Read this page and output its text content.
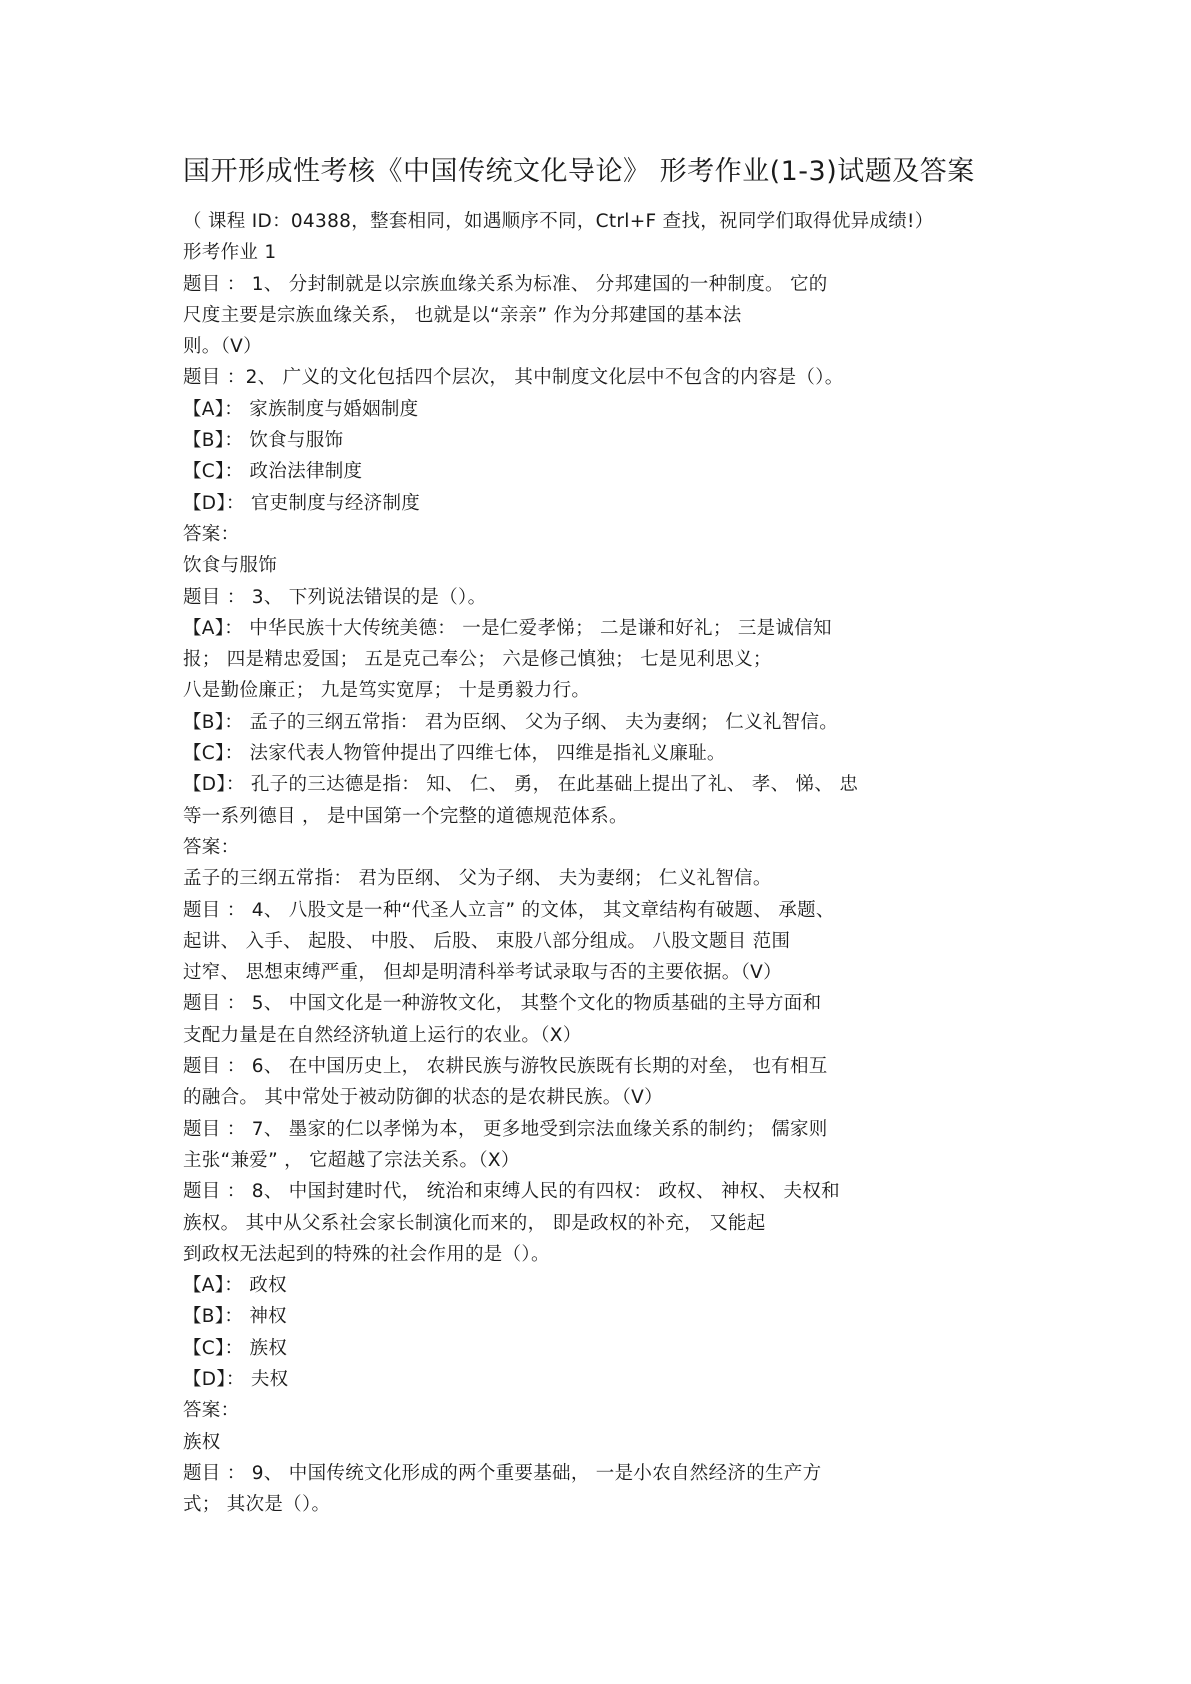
国开形成性考核《中国传统文化导论》 形考作业(1-3)试题及答案
（ 课程 ID：04388，整套相同，如遇顺序不同，Ctrl+F 查找，祝同学们取得优异成绩!）
形考作业 1
题目 ： 1、 分封制就是以宗族血缘关系为标准、 分邦建国的一种制度。 它的
尺度主要是宗族血缘关系， 也就是以“亲亲” 作为分邦建国的基本法
则。（V）
题目 ：2、 广义的文化包括四个层次， 其中制度文化层中不包含的内容是（）。
【A】： 家族制度与婚姻制度
【B】： 饮食与服饰
【C】： 政治法律制度
【D】： 官吏制度与经济制度
答案：
饮食与服饰
题目 ： 3、 下列说法错误的是（）。
【A】： 中华民族十大传统美德： 一是仁爱孝悌； 二是谦和好礼； 三是诚信知
报； 四是精忠爱国； 五是克己奉公； 六是修己慎独； 七是见利思义；
八是勤俭廉正； 九是笃实宽厚； 十是勇毅力行。
【B】： 孟子的三纲五常指： 君为臣纲、 父为子纲、 夫为妻纲； 仁义礼智信。
【C】： 法家代表人物管仲提出了四维七体， 四维是指礼义廉耻。
【D】： 孔子的三达德是指： 知、 仁、 勇， 在此基础上提出了礼、 孝、 悌、 忠
等一系列德目 ， 是中国第一个完整的道德规范体系。
答案：
孟子的三纲五常指： 君为臣纲、 父为子纲、 夫为妻纲； 仁义礼智信。
题目 ： 4、 八股文是一种“代圣人立言” 的文体， 其文章结构有破题、 承题、
起讲、 入手、 起股、 中股、 后股、 束股八部分组成。 八股文题目 范围
过窄、 思想束缚严重， 但却是明清科举考试录取与否的主要依据。（V）
题目 ： 5、 中国文化是一种游牧文化， 其整个文化的物质基础的主导方面和
支配力量是在自然经济轨道上运行的农业。（X）
题目 ： 6、 在中国历史上， 农耕民族与游牧民族既有长期的对垒， 也有相互
的融合。 其中常处于被动防御的状态的是农耕民族。（V）
题目 ： 7、 墨家的仁以孝悌为本， 更多地受到宗法血缘关系的制约； 儒家则
主张“兼爱” ， 它超越了宗法关系。（X）
题目 ： 8、 中国封建时代， 统治和束缚人民的有四权： 政权、 神权、 夫权和
族权。 其中从父系社会家长制演化而来的， 即是政权的补充， 又能起
到政权无法起到的特殊的社会作用的是（）。
【A】： 政权
【B】： 神权
【C】： 族权
【D】： 夫权
答案：
族权
题目 ： 9、 中国传统文化形成的两个重要基础， 一是小农自然经济的生产方
式； 其次是（）。
